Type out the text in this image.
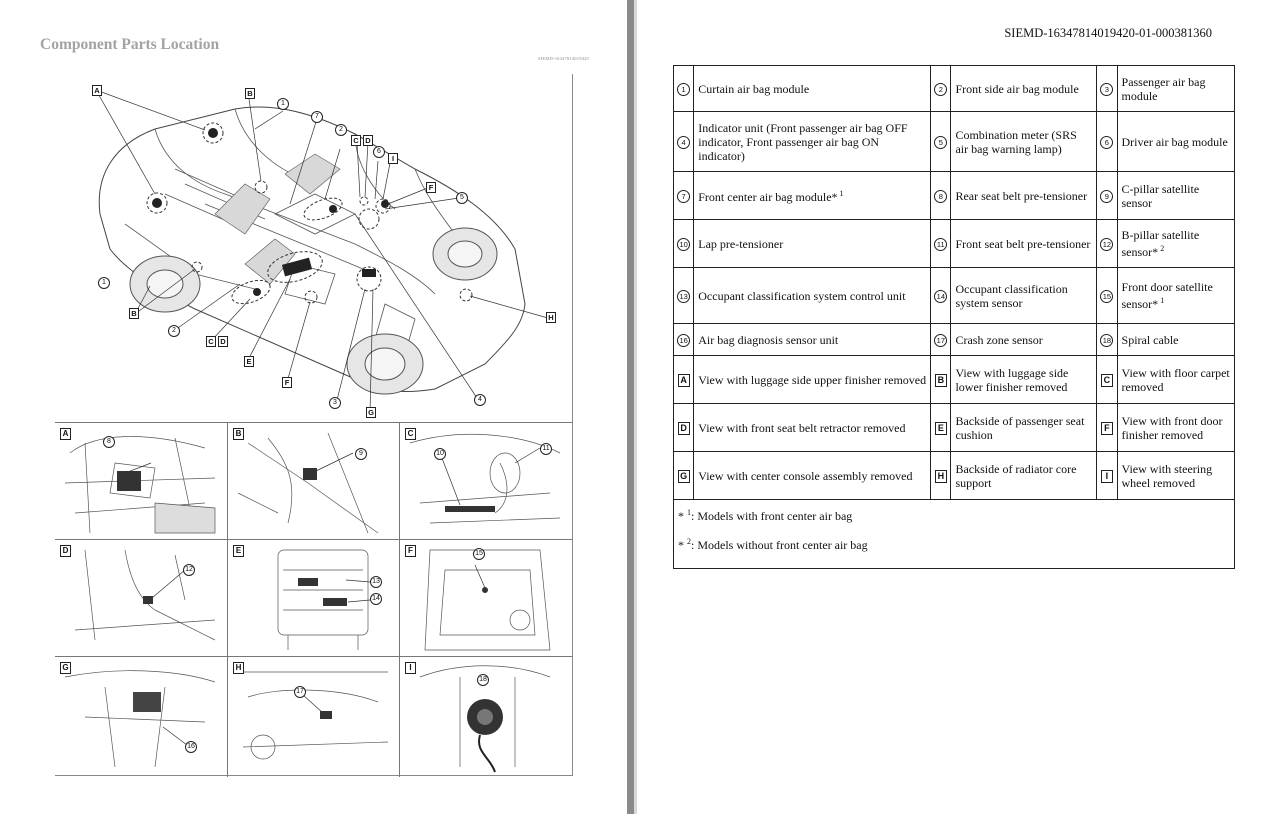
Component Parts Location
SIEMD-16347814019420
A	B
1
7
2
C D
6
I
F
5
1
B
2
C D
E
F
3
G
4
H
A
8
B
9
C
10
11
D
12
E
13
14
F	15
G
16
H
17
I
18
SIEMD-16347814019420-01-000381360
1	Curtain air bag module	2	Front side air bag module	3	Passenger air bag module
4	Indicator unit (Front passenger air bag OFF indicator, Front passenger air bag ON indicator)	5	Combination meter (SRS air bag warning lamp)	6	Driver air bag module
7	Front center air bag module* $^1$	8	Rear seat belt pre-tensioner	9	C-pillar satellite sensor
10	Lap pre-tensioner	11	Front seat belt pre-tensioner	12	B-pillar satellite sensor* $^2$
13	Occupant classification system control unit	14	Occupant classification system sensor	15	Front door satellite sensor* $^1$
16	Air bag diagnosis sensor unit	17	Crash zone sensor	18	Spiral cable
A	View with luggage side upper finisher removed	B	View with luggage side lower finisher removed	C	View with floor carpet removed
D	View with front seat belt retractor removed	E	Backside of passenger seat cushion	F	View with front door finisher removed
G	View with center console assembly removed	H	Backside of radiator core support	I	View with steering wheel removed

* $^1$: Models with front center air bag
* $^2$: Models without front center air bag					
